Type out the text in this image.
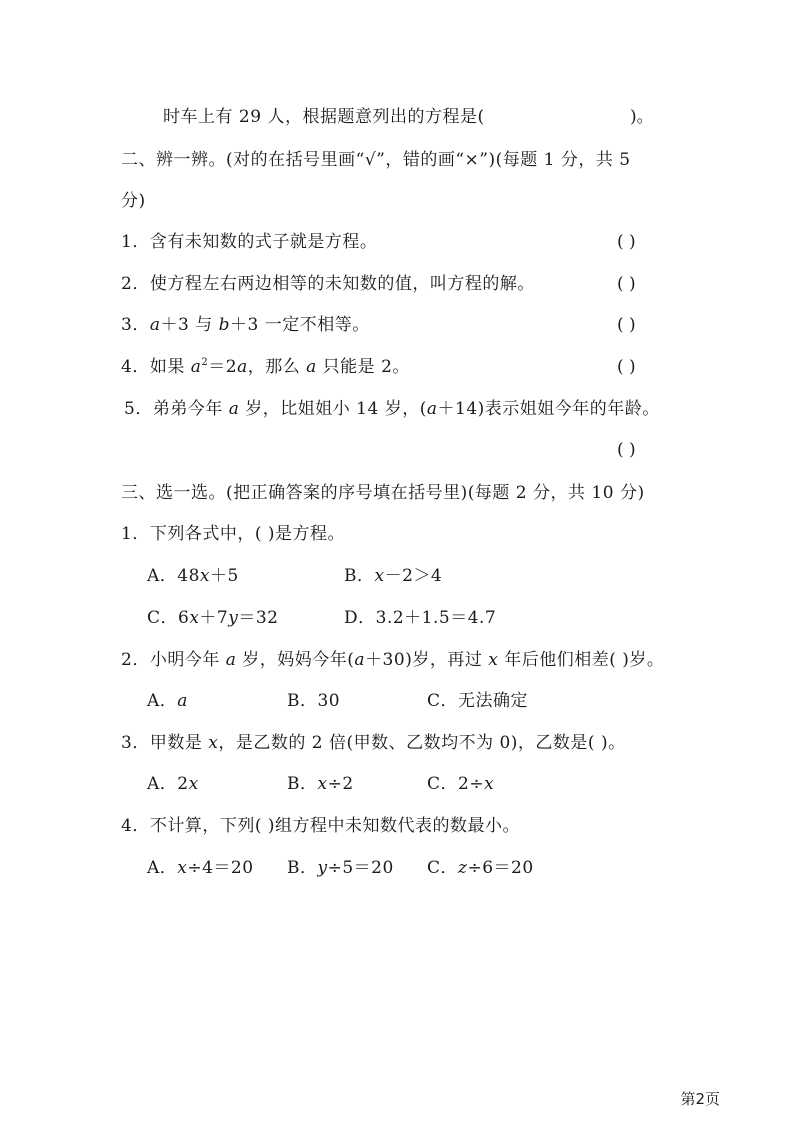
时车上有 29 人，根据题意列出的方程是(	)。
二、辨一辨。(对的在括号里画“√”，错的画“×”)(每题 1 分，共 5
分)
1．含有未知数的式子就是方程。	( )
2．使方程左右两边相等的未知数的值，叫方程的解。	( )
3．a＋3 与 b＋3 一定不相等。	( )
4．如果 $a^2=2a$，那么 a 只能是 2。	( )
5．弟弟今年 a 岁，比姐姐小 14 岁，(a＋14)表示姐姐今年的年龄。
( )
三、选一选。(把正确答案的序号填在括号里)(每题 2 分，共 10 分)
1．下列各式中，( )是方程。
A．48x＋5	B．x－2＞4
C．6x＋7y＝32	D．3.2＋1.5＝4.7
2．小明今年 a 岁，妈妈今年(a＋30)岁，再过 x 年后他们相差( )岁。
A．a	B．30	C．无法确定
3．甲数是 x，是乙数的 2 倍(甲数、乙数均不为 0)，乙数是( )。
A．2x	B．x÷2	C．2÷x
4．不计算，下列( )组方程中未知数代表的数最小。
A．x÷4＝20 B．y÷5＝20 C．z÷6＝20
第2页
